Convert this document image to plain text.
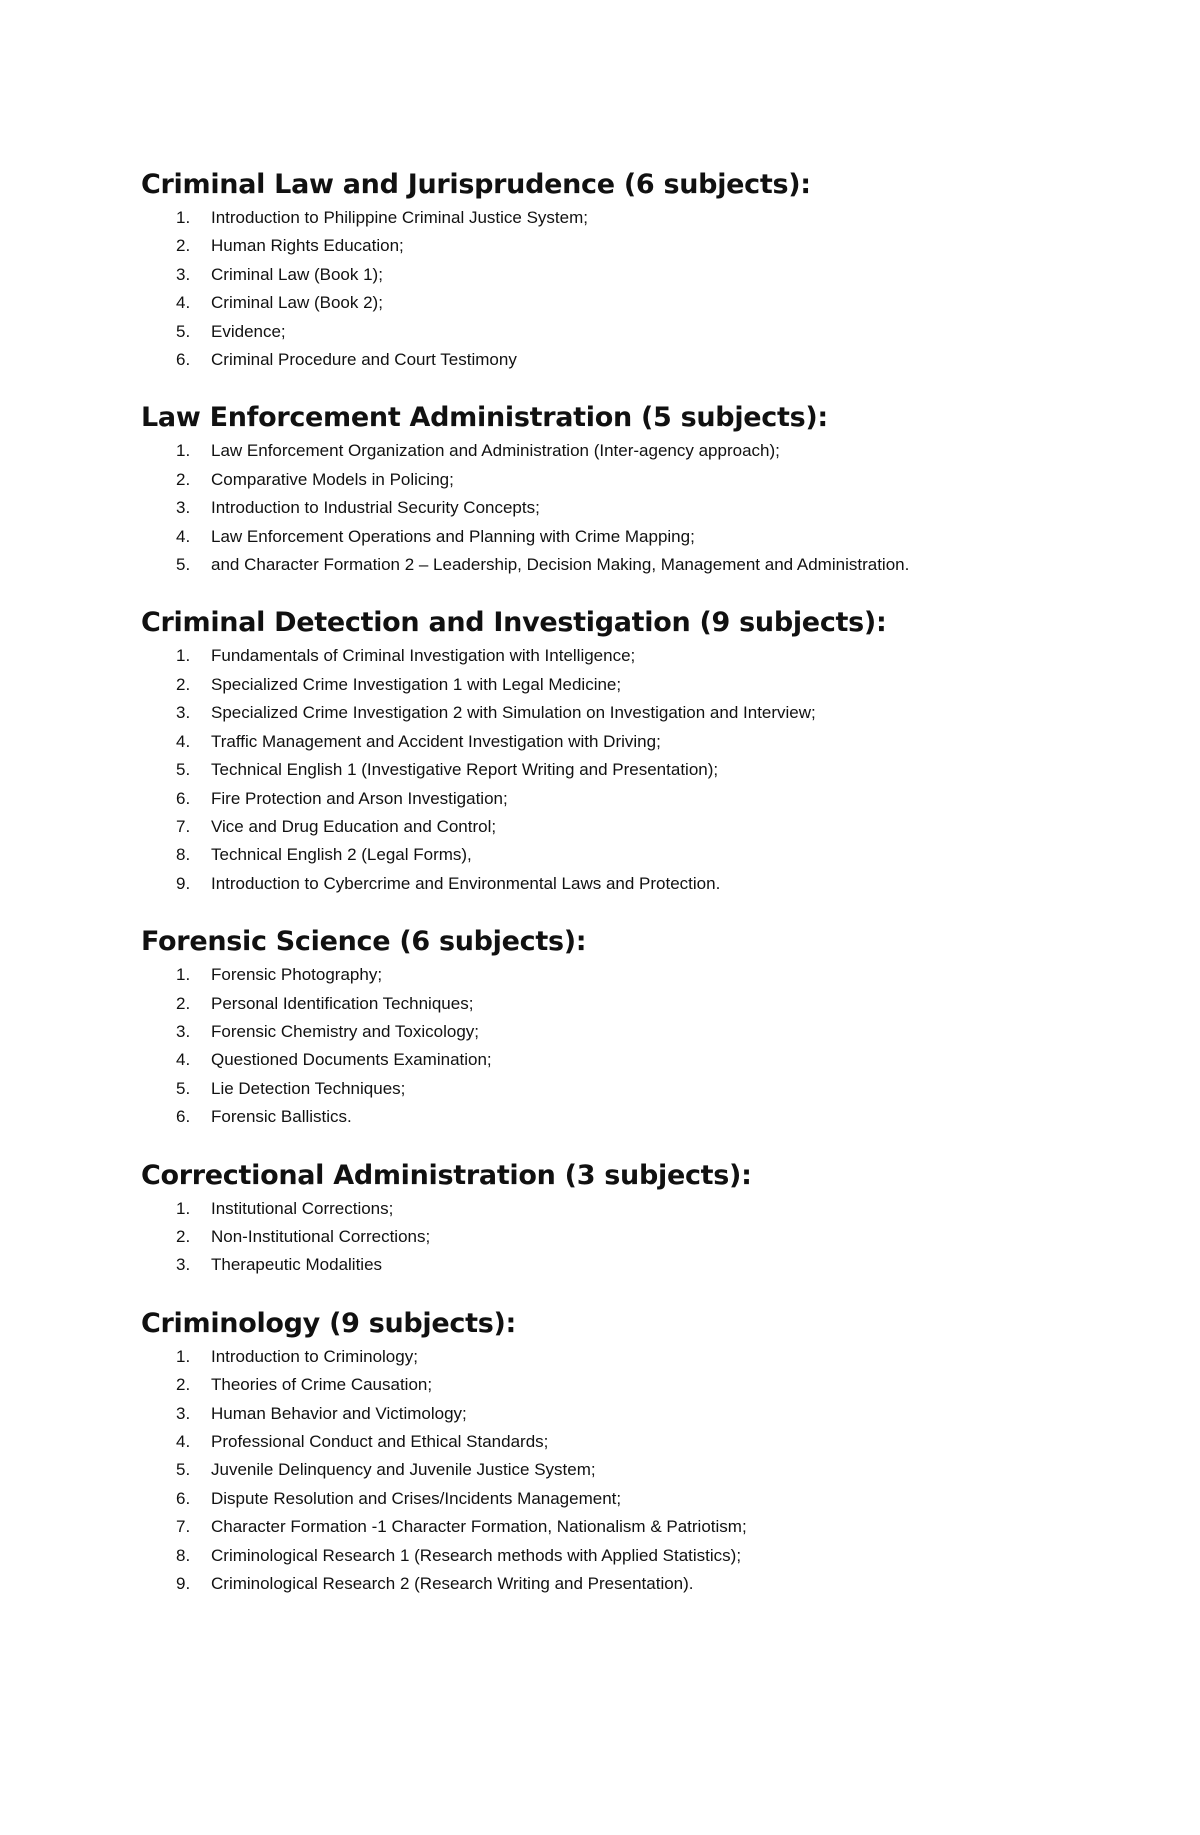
Criminal Law and Jurisprudence (6 subjects):
1.	Introduction to Philippine Criminal Justice System;
2.	Human Rights Education;
3.	Criminal Law (Book 1);
4.	Criminal Law (Book 2);
5.	Evidence;
6.	Criminal Procedure and Court Testimony
Law Enforcement Administration (5 subjects):
1.	Law Enforcement Organization and Administration (Inter-agency approach);
2.	Comparative Models in Policing;
3.	Introduction to Industrial Security Concepts;
4.	Law Enforcement Operations and Planning with Crime Mapping;
5.	and Character Formation 2 – Leadership, Decision Making, Management and Administration.
Criminal Detection and Investigation (9 subjects):
1.	Fundamentals of Criminal Investigation with Intelligence;
2.	Specialized Crime Investigation 1 with Legal Medicine;
3.	Specialized Crime Investigation 2 with Simulation on Investigation and Interview;
4.	Traffic Management and Accident Investigation with Driving;
5.	Technical English 1 (Investigative Report Writing and Presentation);
6.	Fire Protection and Arson Investigation;
7.	Vice and Drug Education and Control;
8.	Technical English 2 (Legal Forms),
9.	Introduction to Cybercrime and Environmental Laws and Protection.
Forensic Science (6 subjects):
1.	Forensic Photography;
2.	Personal Identification Techniques;
3.	Forensic Chemistry and Toxicology;
4.	Questioned Documents Examination;
5.	Lie Detection Techniques;
6.	Forensic Ballistics.
Correctional Administration (3 subjects):
1.	Institutional Corrections;
2.	Non-Institutional Corrections;
3.	Therapeutic Modalities
Criminology (9 subjects):
1.	Introduction to Criminology;
2.	Theories of Crime Causation;
3.	Human Behavior and Victimology;
4.	Professional Conduct and Ethical Standards;
5.	Juvenile Delinquency and Juvenile Justice System;
6.	Dispute Resolution and Crises/Incidents Management;
7.	Character Formation -1 Character Formation, Nationalism & Patriotism;
8.	Criminological Research 1 (Research methods with Applied Statistics);
9.	Criminological Research 2 (Research Writing and Presentation).
